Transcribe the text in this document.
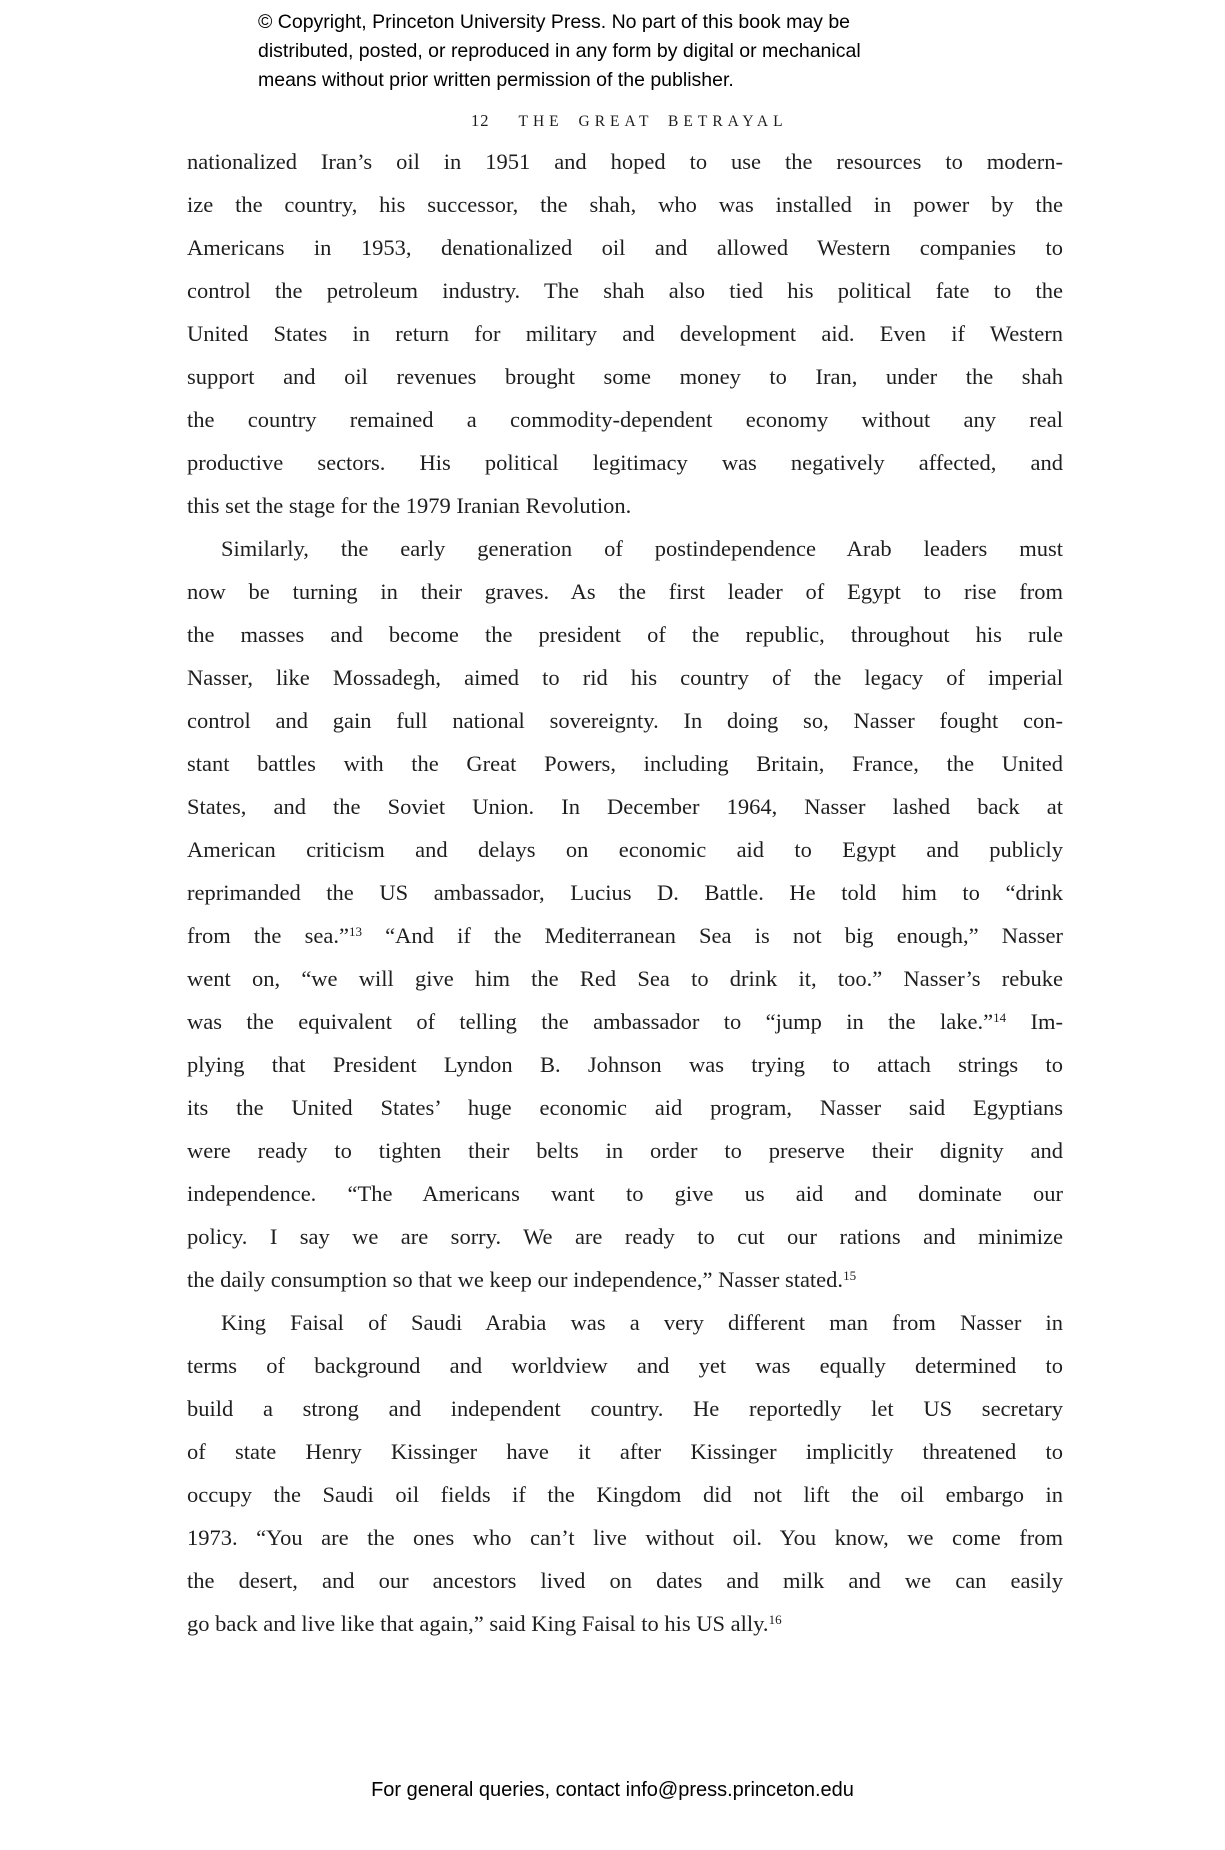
© Copyright, Princeton University Press. No part of this book may be
distributed, posted, or reproduced in any form by digital or mechanical
means without prior written permission of the publisher.
12 THE GREAT BETRAYAL
nationalized Iran’s oil in 1951 and hoped to use the resources to modern-
ize the country, his successor, the shah, who was installed in power by the
Americans in 1953, denationalized oil and allowed Western companies to
control the petroleum industry. The shah also tied his political fate to the
United States in return for military and development aid. Even if Western
support and oil revenues brought some money to Iran, under the shah
the country remained a commodity-dependent economy without any real
productive sectors. His political legitimacy was negatively affected, and
this set the stage for the 1979 Iranian Revolution.
Similarly, the early generation of postindependence Arab leaders must
now be turning in their graves. As the first leader of Egypt to rise from
the masses and become the president of the republic, throughout his rule
Nasser, like Mossadegh, aimed to rid his country of the legacy of imperial
control and gain full national sovereignty. In doing so, Nasser fought con-
stant battles with the Great Powers, including Britain, France, the United
States, and the Soviet Union. In December 1964, Nasser lashed back at
American criticism and delays on economic aid to Egypt and publicly
reprimanded the US ambassador, Lucius D. Battle. He told him to “drink
from the sea.”$^{13}$ “And if the Mediterranean Sea is not big enough,” Nasser
went on, “we will give him the Red Sea to drink it, too.” Nasser’s rebuke
was the equivalent of telling the ambassador to “jump in the lake.”$^{14}$ Im-
plying that President Lyndon B. Johnson was trying to attach strings to
its the United States’ huge economic aid program, Nasser said Egyptians
were ready to tighten their belts in order to preserve their dignity and
independence. “The Americans want to give us aid and dominate our
policy. I say we are sorry. We are ready to cut our rations and minimize
the daily consumption so that we keep our independence,” Nasser stated.$^{15}$
King Faisal of Saudi Arabia was a very different man from Nasser in
terms of background and worldview and yet was equally determined to
build a strong and independent country. He reportedly let US secretary
of state Henry Kissinger have it after Kissinger implicitly threatened to
occupy the Saudi oil fields if the Kingdom did not lift the oil embargo in
1973. “You are the ones who can’t live without oil. You know, we come from
the desert, and our ancestors lived on dates and milk and we can easily
go back and live like that again,” said King Faisal to his US ally.$^{16}$
For general queries, contact info@press.princeton.edu
